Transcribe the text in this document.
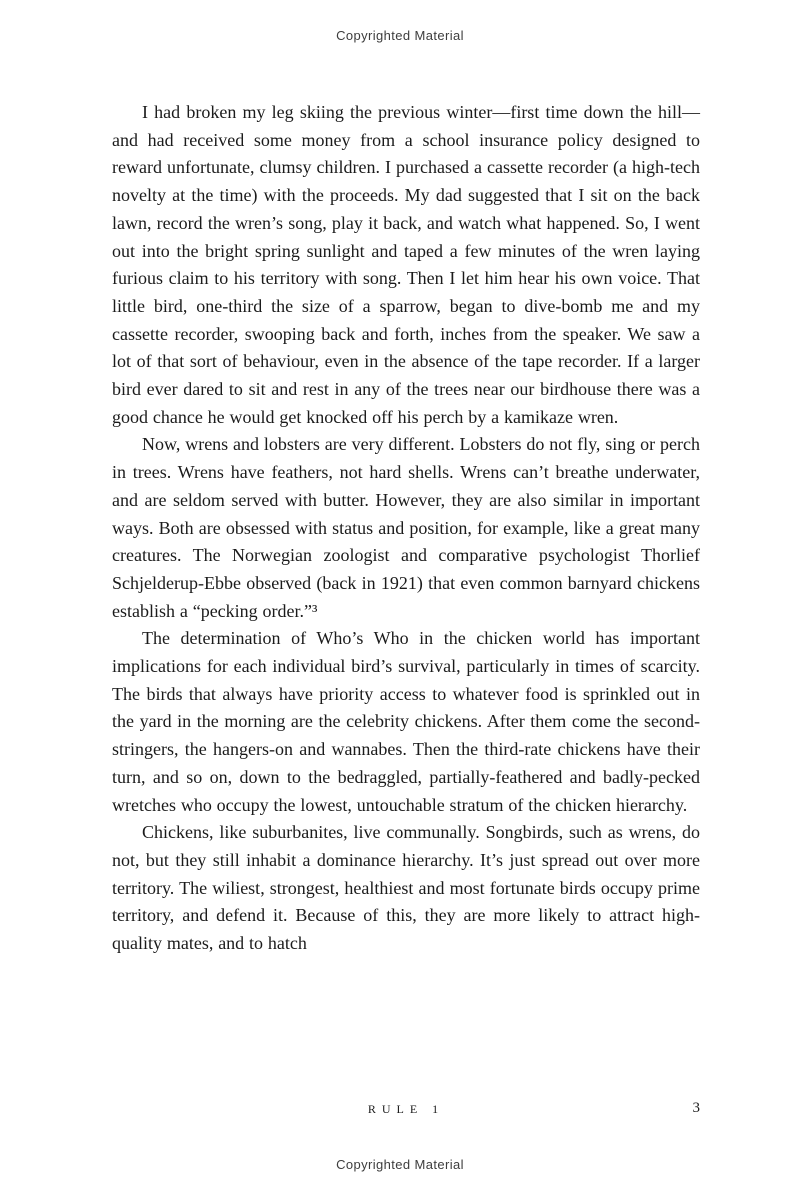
Copyrighted Material

I had broken my leg skiing the previous winter—first time down the hill—and had received some money from a school insurance policy designed to reward unfortunate, clumsy children. I purchased a cassette recorder (a high-tech novelty at the time) with the proceeds. My dad suggested that I sit on the back lawn, record the wren’s song, play it back, and watch what happened. So, I went out into the bright spring sunlight and taped a few minutes of the wren laying furious claim to his territory with song. Then I let him hear his own voice. That little bird, one-third the size of a sparrow, began to dive-bomb me and my cassette recorder, swooping back and forth, inches from the speaker. We saw a lot of that sort of behaviour, even in the absence of the tape recorder. If a larger bird ever dared to sit and rest in any of the trees near our birdhouse there was a good chance he would get knocked off his perch by a kamikaze wren.

Now, wrens and lobsters are very different. Lobsters do not fly, sing or perch in trees. Wrens have feathers, not hard shells. Wrens can’t breathe underwater, and are seldom served with butter. However, they are also similar in important ways. Both are obsessed with status and position, for example, like a great many creatures. The Norwegian zoologist and comparative psychologist Thorlief Schjelderup-Ebbe observed (back in 1921) that even common barnyard chickens establish a “pecking order.”³

The determination of Who’s Who in the chicken world has important implications for each individual bird’s survival, particularly in times of scarcity. The birds that always have priority access to whatever food is sprinkled out in the yard in the morning are the celebrity chickens. After them come the second-stringers, the hangers-on and wannabes. Then the third-rate chickens have their turn, and so on, down to the bedraggled, partially-feathered and badly-pecked wretches who occupy the lowest, untouchable stratum of the chicken hierarchy.

Chickens, like suburbanites, live communally. Songbirds, such as wrens, do not, but they still inhabit a dominance hierarchy. It’s just spread out over more territory. The wiliest, strongest, healthiest and most fortunate birds occupy prime territory, and defend it. Because of this, they are more likely to attract high-quality mates, and to hatch

RULE 1	3
Copyrighted Material
